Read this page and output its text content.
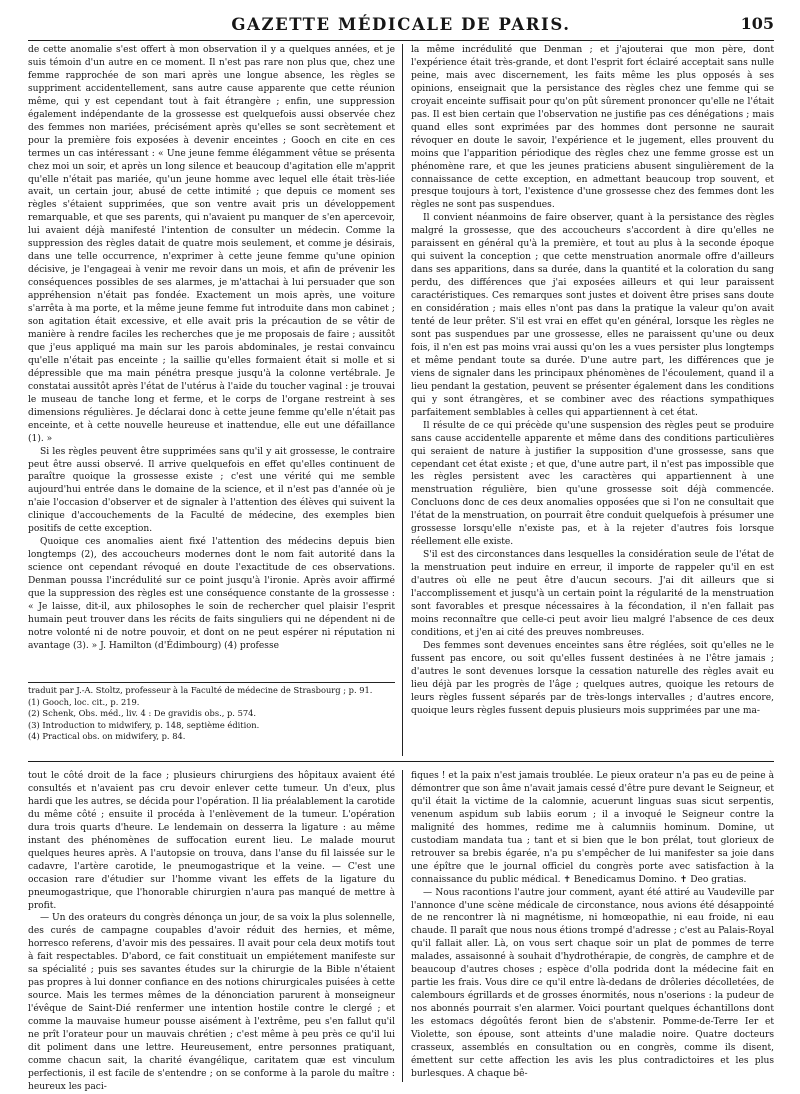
GAZETTE MÉDICALE DE PARIS.	105

de cette anomalie s'est offert à mon observation il y a quelques années, et je suis témoin d'un autre en ce moment. Il n'est pas rare non plus que, chez une femme rapprochée de son mari après une longue absence, les règles se suppriment accidentellement, sans autre cause apparente que cette réunion même, qui y est cependant tout à fait étrangère ; enfin, une suppression également indépendante de la grossesse est quelquefois aussi observée chez des femmes non mariées, précisément après qu'elles se sont secrètement et pour la première fois exposées à devenir enceintes ; Gooch en cite en ces termes un cas intéressant : « Une jeune femme élégamment vêtue se présenta chez moi un soir, et après un long silence et beaucoup d'agitation elle m'apprit qu'elle n'était pas mariée, qu'un jeune homme avec lequel elle était très-liée avait, un certain jour, abusé de cette intimité ; que depuis ce moment ses règles s'étaient supprimées, que son ventre avait pris un développement remarquable, et que ses parents, qui n'avaient pu manquer de s'en apercevoir, lui avaient déjà manifesté l'intention de consulter un médecin. Comme la suppression des règles datait de quatre mois seulement, et comme je désirais, dans une telle occurrence, n'exprimer à cette jeune femme qu'une opinion décisive, je l'engageai à venir me revoir dans un mois, et afin de prévenir les conséquences possibles de ses alarmes, je m'attachai à lui persuader que son appréhension n'était pas fondée. Exactement un mois après, une voiture s'arrêta à ma porte, et la même jeune femme fut introduite dans mon cabinet ; son agitation était excessive, et elle avait pris la précaution de se vêtir de manière à rendre faciles les recherches que je me proposais de faire ; aussitôt que j'eus appliqué ma main sur les parois abdominales, je restai convaincu qu'elle n'était pas enceinte ; la saillie qu'elles formaient était si molle et si dépressible que ma main pénétra presque jusqu'à la colonne vertébrale. Je constatai aussitôt après l'état de l'utérus à l'aide du toucher vaginal : je trouvai le museau de tanche long et ferme, et le corps de l'organe restreint à ses dimensions régulières. Je déclarai donc à cette jeune femme qu'elle n'était pas enceinte, et à cette nouvelle heureuse et inattendue, elle eut une défaillance (1). »

Si les règles peuvent être supprimées sans qu'il y ait grossesse, le contraire peut être aussi observé. Il arrive quelquefois en effet qu'elles continuent de paraître quoique la grossesse existe ; c'est une vérité qui me semble aujourd'hui entrée dans le domaine de la science, et il n'est pas d'année où je n'aie l'occasion d'observer et de signaler à l'attention des élèves qui suivent la clinique d'accouchements de la Faculté de médecine, des exemples bien positifs de cette exception.

Quoique ces anomalies aient fixé l'attention des médecins depuis bien longtemps (2), des accoucheurs modernes dont le nom fait autorité dans la science ont cependant révoqué en doute l'exactitude de ces observations. Denman poussa l'incrédulité sur ce point jusqu'à l'ironie. Après avoir affirmé que la suppression des règles est une conséquence constante de la grossesse : « Je laisse, dit-il, aux philosophes le soin de rechercher quel plaisir l'esprit humain peut trouver dans les récits de faits singuliers qui ne dépendent ni de notre volonté ni de notre pouvoir, et dont on ne peut espérer ni réputation ni avantage (3). » J. Hamilton (d'Édimbourg) (4) professe

traduit par J.-A. Stoltz, professeur à la Faculté de médecine de Strasbourg ; p. 91.

(1) Gooch, loc. cit., p. 219.

(2) Schenk, Obs. méd., liv. 4 : De gravidis obs., p. 574.

(3) Introduction to midwifery, p. 148, septième édition.

(4) Practical obs. on midwifery, p. 84.

la même incrédulité que Denman ; et j'ajouterai que mon père, dont l'expérience était très-grande, et dont l'esprit fort éclairé acceptait sans nulle peine, mais avec discernement, les faits même les plus opposés à ses opinions, enseignait que la persistance des règles chez une femme qui se croyait enceinte suffisait pour qu'on pût sûrement prononcer qu'elle ne l'était pas. Il est bien certain que l'observation ne justifie pas ces dénégations ; mais quand elles sont exprimées par des hommes dont personne ne saurait révoquer en doute le savoir, l'expérience et le jugement, elles prouvent du moins que l'apparition périodique des règles chez une femme grosse est un phénomène rare, et que les jeunes praticiens abusent singulièrement de la connaissance de cette exception, en admettant beaucoup trop souvent, et presque toujours à tort, l'existence d'une grossesse chez des femmes dont les règles ne sont pas suspendues.

Il convient néanmoins de faire observer, quant à la persistance des règles malgré la grossesse, que des accoucheurs s'accordent à dire qu'elles ne paraissent en général qu'à la première, et tout au plus à la seconde époque qui suivent la conception ; que cette menstruation anormale offre d'ailleurs dans ses apparitions, dans sa durée, dans la quantité et la coloration du sang perdu, des différences que j'ai exposées ailleurs et qui leur paraissent caractéristiques. Ces remarques sont justes et doivent être prises sans doute en considération ; mais elles n'ont pas dans la pratique la valeur qu'on avait tenté de leur prêter. S'il est vrai en effet qu'en général, lorsque les règles ne sont pas suspendues par une grossesse, elles ne paraissent qu'une ou deux fois, il n'en est pas moins vrai aussi qu'on les a vues persister plus longtemps et même pendant toute sa durée. D'une autre part, les différences que je viens de signaler dans les principaux phénomènes de l'écoulement, quand il a lieu pendant la gestation, peuvent se présenter également dans les conditions qui y sont étrangères, et se combiner avec des réactions sympathiques parfaitement semblables à celles qui appartiennent à cet état.

Il résulte de ce qui précède qu'une suspension des règles peut se produire sans cause accidentelle apparente et même dans des conditions particulières qui seraient de nature à justifier la supposition d'une grossesse, sans que cependant cet état existe ; et que, d'une autre part, il n'est pas impossible que les règles persistent avec les caractères qui appartiennent à une menstruation régulière, bien qu'une grossesse soit déjà commencée. Concluons donc de ces deux anomalies opposées que si l'on ne consultait que l'état de la menstruation, on pourrait être conduit quelquefois à présumer une grossesse lorsqu'elle n'existe pas, et à la rejeter d'autres fois lorsque réellement elle existe.

S'il est des circonstances dans lesquelles la considération seule de l'état de la menstruation peut induire en erreur, il importe de rappeler qu'il en est d'autres où elle ne peut être d'aucun secours. J'ai dit ailleurs que si l'accomplissement et jusqu'à un certain point la régularité de la menstruation sont favorables et presque nécessaires à la fécondation, il n'en fallait pas moins reconnaître que celle-ci peut avoir lieu malgré l'absence de ces deux conditions, et j'en ai cité des preuves nombreuses.

Des femmes sont devenues enceintes sans être réglées, soit qu'elles ne le fussent pas encore, ou soit qu'elles fussent destinées à ne l'être jamais ; d'autres le sont devenues lorsque la cessation naturelle des règles avait eu lieu déjà par les progrès de l'âge ; quelques autres, quoique les retours de leurs règles fussent séparés par de très-longs intervalles ; d'autres encore, quoique leurs règles fussent depuis plusieurs mois supprimées par une ma-

tout le côté droit de la face ; plusieurs chirurgiens des hôpitaux avaient été consultés et n'avaient pas cru devoir enlever cette tumeur. Un d'eux, plus hardi que les autres, se décida pour l'opération. Il lia préalablement la carotide du même côté ; ensuite il procéda à l'enlèvement de la tumeur. L'opération dura trois quarts d'heure. Le lendemain on desserra la ligature : au même instant des phénomènes de suffocation eurent lieu. Le malade mourut quelques heures après. A l'autopsie on trouva, dans l'anse du fil laissée sur le cadavre, l'artère carotide, le pneumogastrique et la veine. — C'est une occasion rare d'étudier sur l'homme vivant les effets de la ligature du pneumogastrique, que l'honorable chirurgien n'aura pas manqué de mettre à profit.

— Un des orateurs du congrès dénonça un jour, de sa voix la plus solennelle, des curés de campagne coupables d'avoir réduit des hernies, et même, horresco referens, d'avoir mis des pessaires. Il avait pour cela deux motifs tout à fait respectables. D'abord, ce fait constituait un empiétement manifeste sur sa spécialité ; puis ses savantes études sur la chirurgie de la Bible n'étaient pas propres à lui donner confiance en des notions chirurgicales puisées à cette source. Mais les termes mêmes de la dénonciation parurent à monseigneur l'évêque de Saint-Dié renfermer une intention hostile contre le clergé ; et comme la mauvaise humeur pousse aisément à l'extrême, peu s'en fallut qu'il ne prît l'orateur pour un mauvais chrétien ; c'est même à peu près ce qu'il lui dit poliment dans une lettre. Heureusement, entre personnes pratiquant, comme chacun sait, la charité évangélique, caritatem quæ est vinculum perfectionis, il est facile de s'entendre ; on se conforme à la parole du maître : heureux les paci-

fiques ! et la paix n'est jamais troublée. Le pieux orateur n'a pas eu de peine à démontrer que son âme n'avait jamais cessé d'être pure devant le Seigneur, et qu'il était la victime de la calomnie, acuerunt linguas suas sicut serpentis, venenum aspidum sub labiis eorum ; il a invoqué le Seigneur contre la malignité des hommes, redime me à calumniis hominum. Domine, ut custodiam mandata tua ; tant et si bien que le bon prélat, tout glorieux de retrouver sa brebis égarée, n'a pu s'empêcher de lui manifester sa joie dans une épître que le journal officiel du congrès porte avec satisfaction à la connaissance du public médical. ✝ Benedicamus Domino. ✝ Deo gratias.

— Nous racontions l'autre jour comment, ayant été attiré au Vaudeville par l'annonce d'une scène médicale de circonstance, nous avions été désappointé de ne rencontrer là ni magnétisme, ni homœopathie, ni eau froide, ni eau chaude. Il paraît que nous nous étions trompé d'adresse ; c'est au Palais-Royal qu'il fallait aller. Là, on vous sert chaque soir un plat de pommes de terre malades, assaisonné à souhait d'hydrothérapie, de congrès, de camphre et de beaucoup d'autres choses ; espèce d'olla podrida dont la médecine fait en partie les frais. Vous dire ce qu'il entre là-dedans de drôleries décolletées, de calembours égrillards et de grosses énormités, nous n'oserions : la pudeur de nos abonnés pourrait s'en alarmer. Voici pourtant quelques échantillons dont les estomacs dégoûtés feront bien de s'abstenir. Pomme-de-Terre Ier et Violette, son épouse, sont atteints d'une maladie noire. Quatre docteurs crasseux, assemblés en consultation ou en congrès, comme ils disent, émettent sur cette affection les avis les plus contradictoires et les plus burlesques. A chaque bê-
